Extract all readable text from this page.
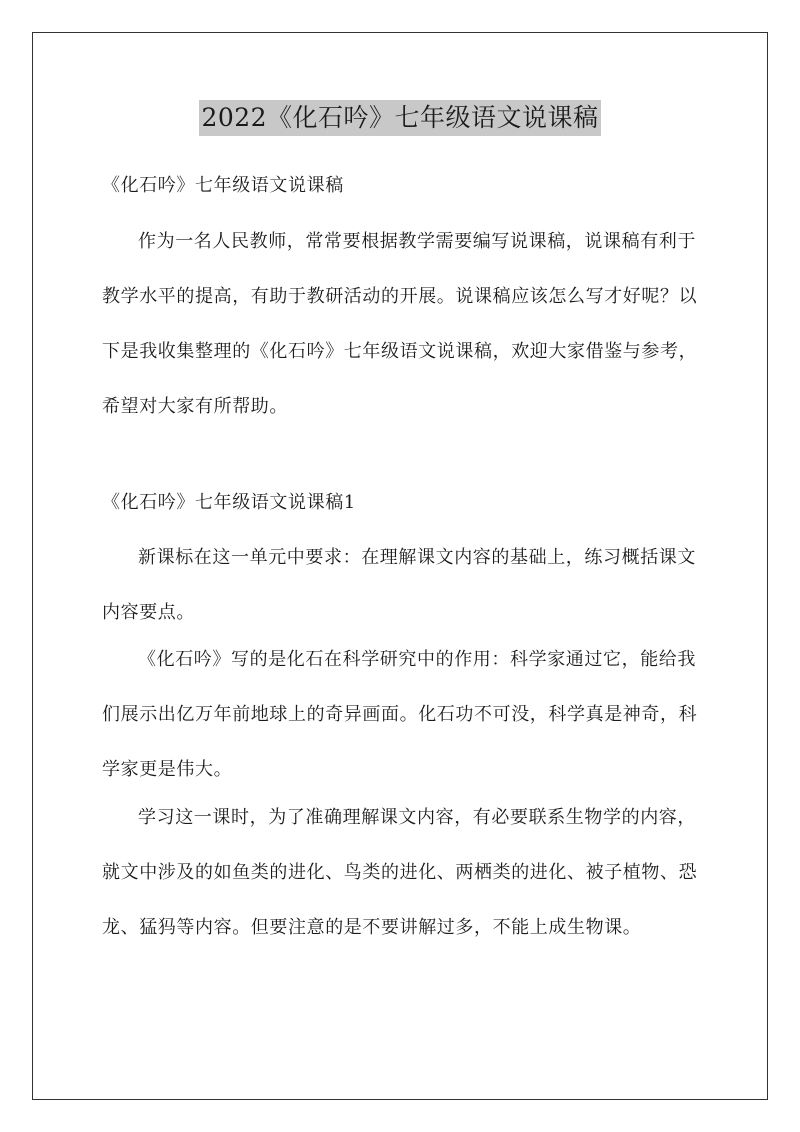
2022《化石吟》七年级语文说课稿

《化石吟》七年级语文说课稿

作为一名人民教师，常常要根据教学需要编写说课稿，说课稿有利于教学水平的提高，有助于教研活动的开展。说课稿应该怎么写才好呢？以下是我收集整理的《化石吟》七年级语文说课稿，欢迎大家借鉴与参考，希望对大家有所帮助。

《化石吟》七年级语文说课稿1

新课标在这一单元中要求：在理解课文内容的基础上，练习概括课文内容要点。

《化石吟》写的是化石在科学研究中的作用：科学家通过它，能给我们展示出亿万年前地球上的奇异画面。化石功不可没，科学真是神奇，科学家更是伟大。

学习这一课时，为了准确理解课文内容，有必要联系生物学的内容，就文中涉及的如鱼类的进化、鸟类的进化、两栖类的进化、被子植物、恐龙、猛犸等内容。但要注意的是不要讲解过多，不能上成生物课。
